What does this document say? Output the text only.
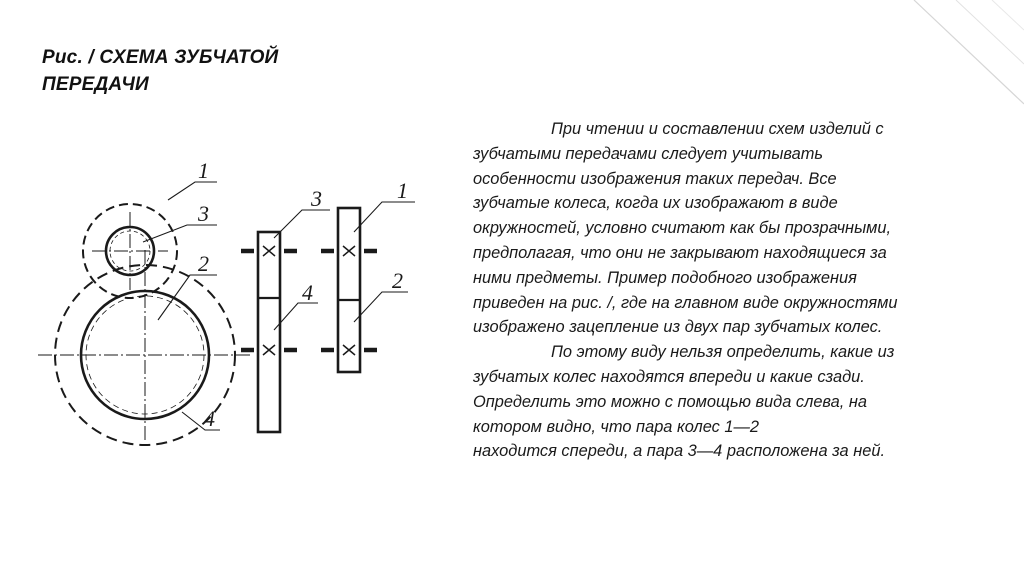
Рис. / СХЕМА ЗУБЧАТОЙ
ПЕРЕДАЧИ
1
3
2
4
3
4
1
2
При чтении и составлении схем изделий с
зубчатыми передачами следует учитывать
особенности изображения таких передач. Все
зубчатые колеса, когда их изображают в виде
окружностей, условно считают как бы прозрачными,
предполагая, что они не закрывают находящиеся за
ними предметы. Пример подобного изображения
приведен на рис. /, где на главном виде окружностями
изображено зацепление из двух пар зубчатых колес.
По этому виду нельзя определить, какие из
зубчатых колес находятся впереди и какие сзади.
Определить это можно с помощью вида слева, на
котором видно, что пара колес 1—2
находится спереди, а пара 3—4 расположена за ней.
